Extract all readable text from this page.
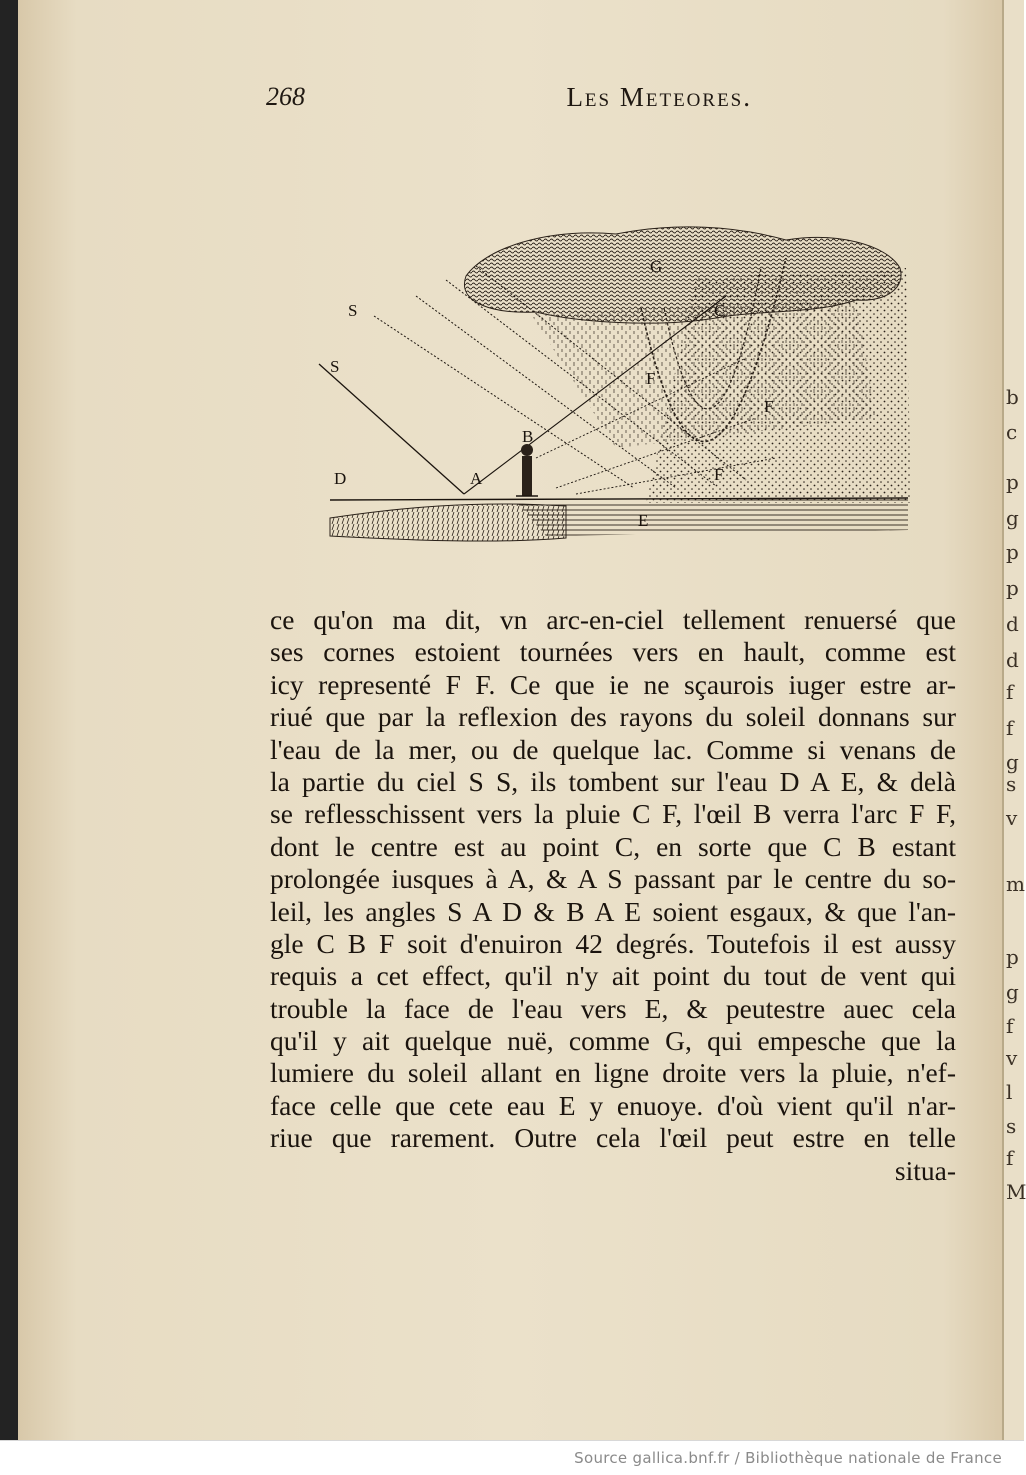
b
c
p
g
p
p
d
d
f
f
g
s
v
m
p
g
f
v
l
s
f
M
268	Les Meteores.
S
S
D	A
B
E
G
C
F
F
F
ce qu'on ma dit, vn arc-en-ciel tellement renuersé que
ses cornes estoient tournées vers en hault, comme est
icy representé F F. Ce que ie ne sçaurois iuger estre ar-
riué que par la reflexion des rayons du soleil donnans sur
l'eau de la mer, ou de quelque lac. Comme si venans de
la partie du ciel S S, ils tombent sur l'eau D A E, & delà
se reflesschissent vers la pluie C F, l'œil B verra l'arc F F,
dont le centre est au point C, en sorte que C B estant
prolongée iusques à A, & A S passant par le centre du so-
leil, les angles S A D & B A E soient esgaux, & que l'an-
gle C B F soit d'enuiron 42 degrés. Toutefois il est aussy
requis a cet effect, qu'il n'y ait point du tout de vent qui
trouble la face de l'eau vers E, & peutestre auec cela
qu'il y ait quelque nuë, comme G, qui empesche que la
lumiere du soleil allant en ligne droite vers la pluie, n'ef-
face celle que cete eau E y enuoye. d'où vient qu'il n'ar-
riue que rarement. Outre cela l'œil peut estre en telle
situa-
Source gallica.bnf.fr / Bibliothèque nationale de France
